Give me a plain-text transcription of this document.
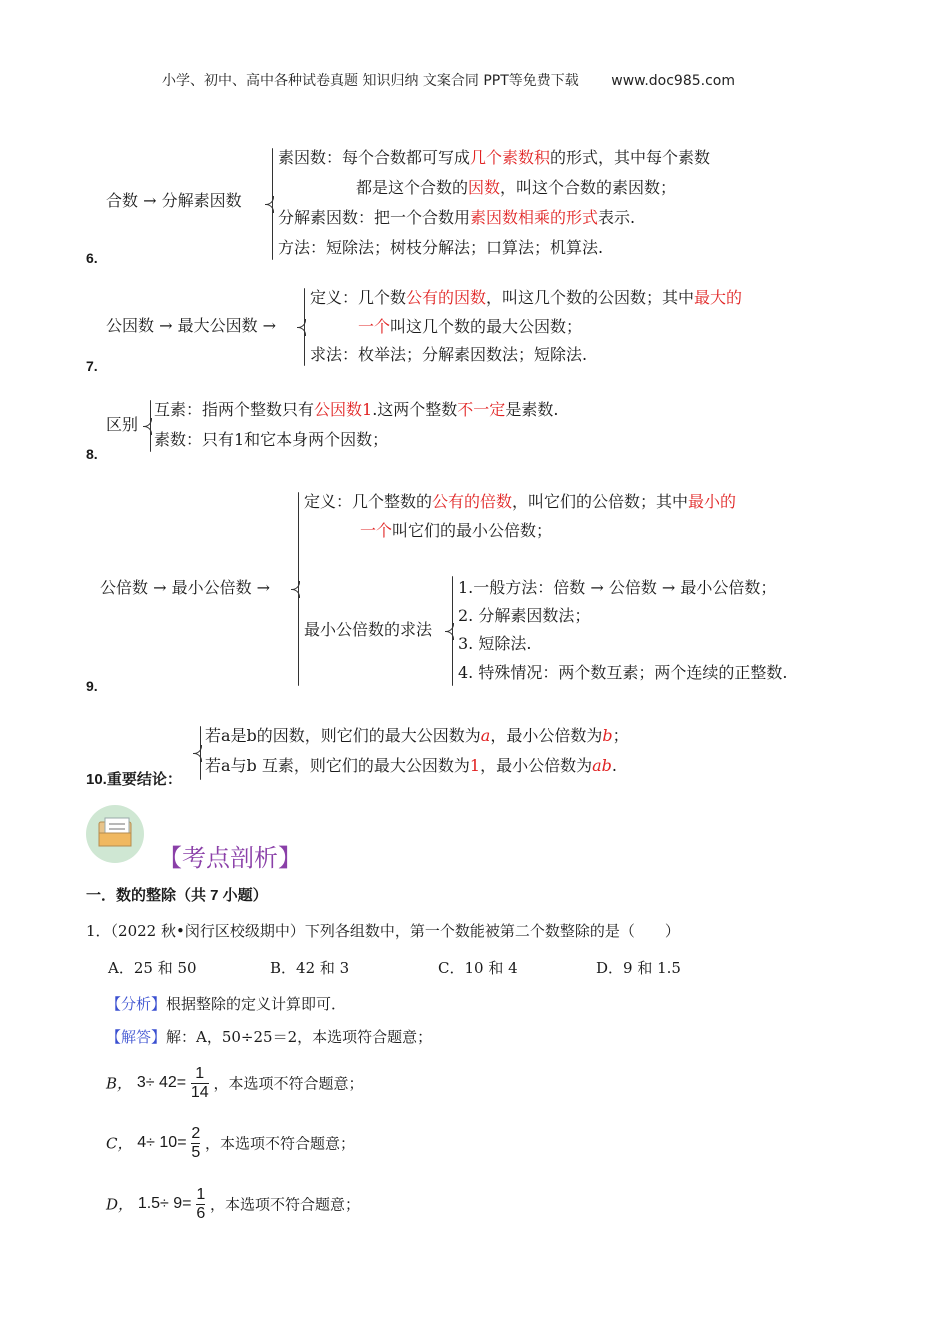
小学、初中、高中各种试卷真题 知识归纳 文案合同 PPT等免费下载 www.doc985.com
6.
合数 → 分解素因数
素因数：每个合数都可写成几个素数积的形式，其中每个素数
都是这个合数的因数，叫这个合数的素因数；
分解素因数：把一个合数用素因数相乘的形式表示.
方法：短除法；树枝分解法；口算法；机算法.
7.
公因数 → 最大公因数 →
定义：几个数公有的因数，叫这几个数的公因数；其中最大的
一个叫这几个数的最大公因数；
求法：枚举法；分解素因数法；短除法.
8.
区别
互素：指两个整数只有公因数1.这两个整数不一定是素数.
素数：只有1和它本身两个因数；
9.
公倍数 → 最小公倍数 →
定义：几个整数的公有的倍数，叫它们的公倍数；其中最小的
一个叫它们的最小公倍数；
最小公倍数的求法
1.一般方法：倍数 → 公倍数 → 最小公倍数；
2. 分解素因数法；
3. 短除法.
4. 特殊情况：两个数互素；两个连续的正整数.
10.重要结论：
若a是b的因数，则它们的最大公因数为a，最小公倍数为b；
若a与b 互素，则它们的最大公因数为1，最小公倍数为ab.
【考点剖析】
一．数的整除（共 7 小题）
1．（2022 秋•闵行区校级期中）下列各组数中，第一个数能被第二个数整除的是（　　）
A．25 和 50	B．42 和 3	C．10 和 4	D．9 和 1.5
【分析】根据整除的定义计算即可．
【解答】解：A，50÷25＝2，本选项符合题意；
B， $3\div 42= \frac{1}{14}$ ，本选项不符合题意；
C， $4\div 10= \frac{2}{5}$ ，本选项不符合题意；
D， $1.5\div 9= \frac{1}{6}$ ，本选项不符合题意；
